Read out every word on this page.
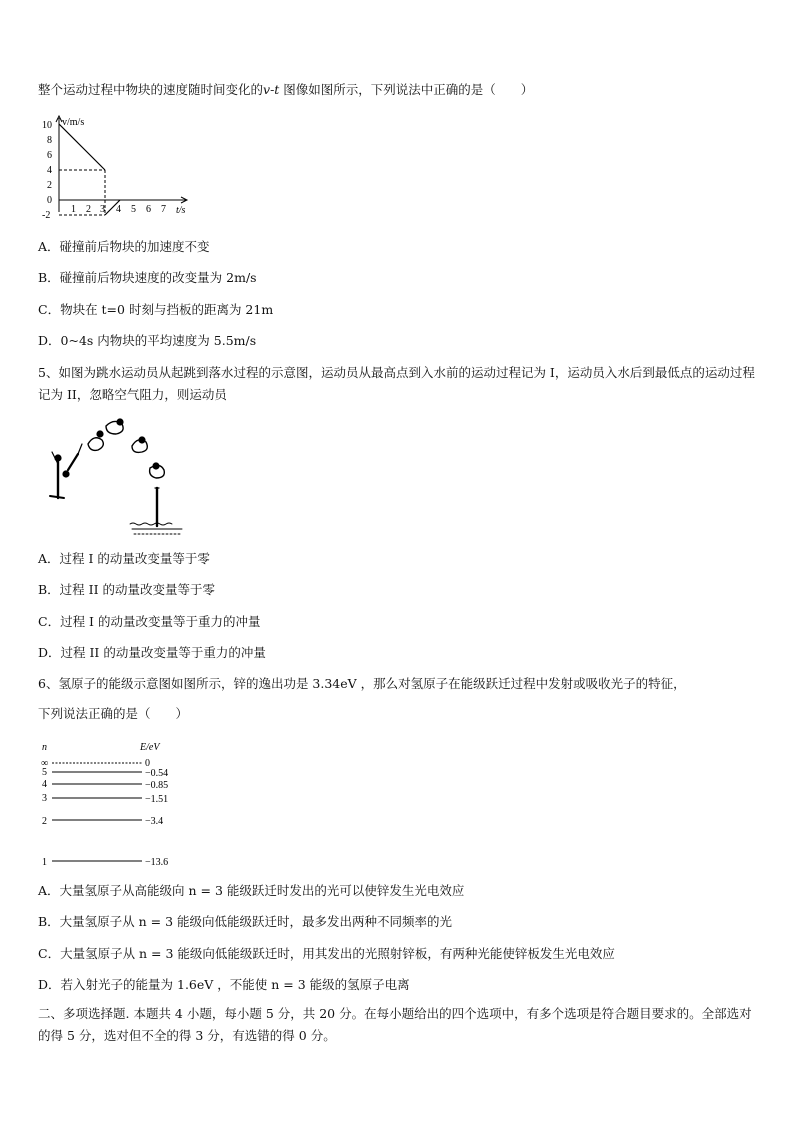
整个运动过程中物块的速度随时间变化的v-t 图像如图所示，下列说法中正确的是（　　）
v/m/s
t/s
10
8
6
4
2
0
-2
1 2 3 4 5 6 7
A．碰撞前后物块的加速度不变
B．碰撞前后物块速度的改变量为 2m/s
C．物块在 t=0 时刻与挡板的距离为 21m
D．0~4s 内物块的平均速度为 5.5m/s
5、如图为跳水运动员从起跳到落水过程的示意图，运动员从最高点到入水前的运动过程记为 I，运动员入水后到最低点的运动过程记为 II，忽略空气阻力，则运动员
A．过程 I 的动量改变量等于零
B．过程 II 的动量改变量等于零
C．过程 I 的动量改变量等于重力的冲量
D．过程 II 的动量改变量等于重力的冲量
6、氢原子的能级示意图如图所示，锌的逸出功是 3.34eV ，那么对氢原子在能级跃迁过程中发射或吸收光子的特征，
下列说法正确的是（　　）
n	E/eV
∞	0
5	−0.54
4	−0.85
3	−1.51
2	−3.4
1	−13.6
A．大量氢原子从高能级向 n = 3 能级跃迁时发出的光可以使锌发生光电效应
B．大量氢原子从 n = 3 能级向低能级跃迁时，最多发出两种不同频率的光
C．大量氢原子从 n = 3 能级向低能级跃迁时，用其发出的光照射锌板，有两种光能使锌板发生光电效应
D．若入射光子的能量为 1.6eV ，不能使 n = 3 能级的氢原子电离
二、多项选择题. 本题共 4 小题，每小题 5 分，共 20 分。在每小题给出的四个选项中，有多个选项是符合题目要求的。全部选对的得 5 分，选对但不全的得 3 分，有选错的得 0 分。
